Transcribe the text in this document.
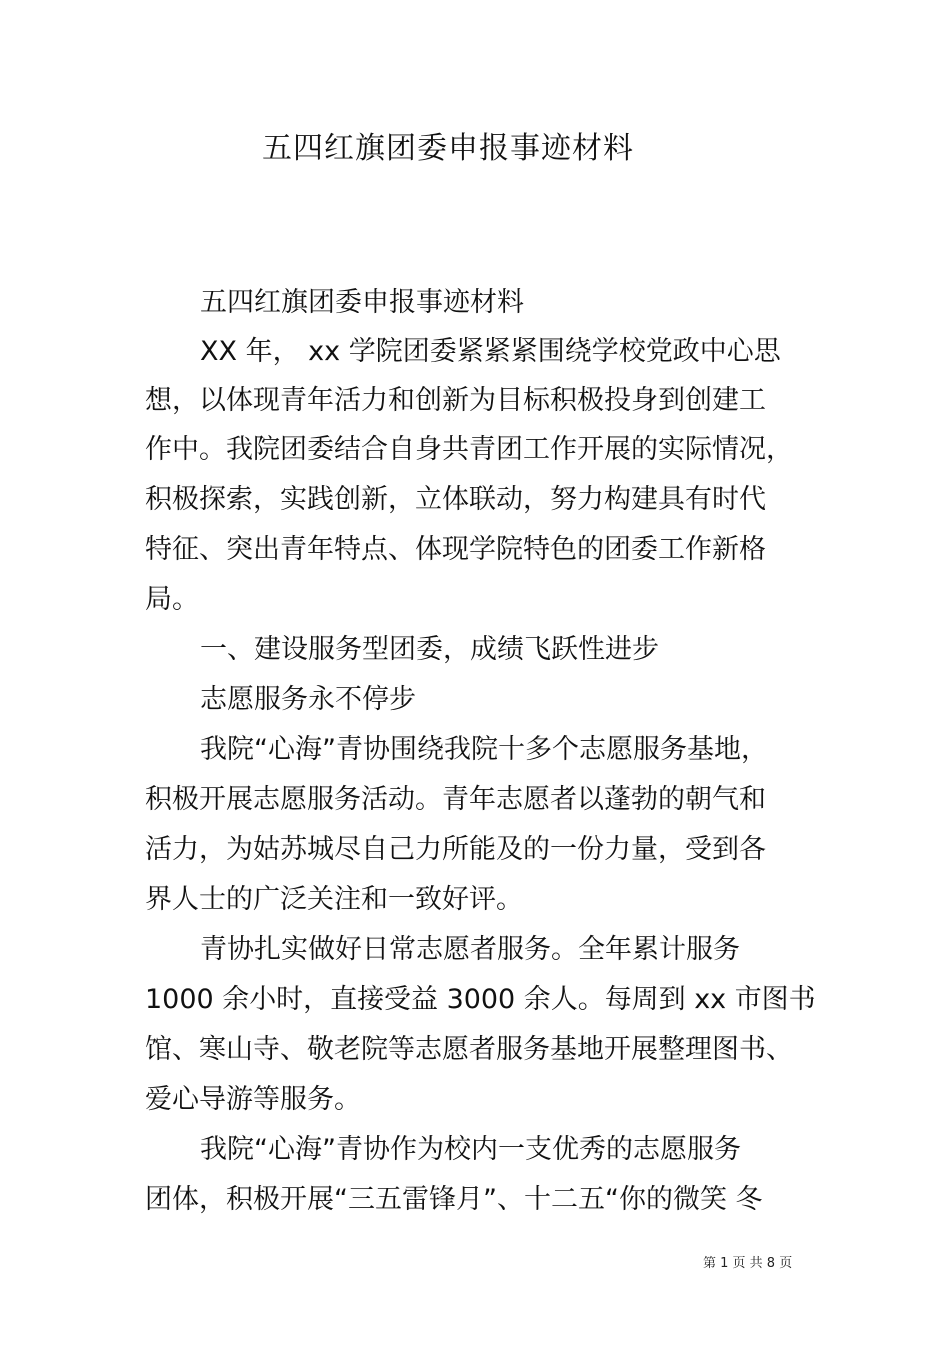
五四红旗团委申报事迹材料
五四红旗团委申报事迹材料
XX 年， xx 学院团委紧紧紧围绕学校党政中心思
想，以体现青年活力和创新为目标积极投身到创建工
作中。我院团委结合自身共青团工作开展的实际情况，
积极探索，实践创新，立体联动，努力构建具有时代
特征、突出青年特点、体现学院特色的团委工作新格
局。
一、建设服务型团委，成绩飞跃性进步
志愿服务永不停步
我院“心海”青协围绕我院十多个志愿服务基地，
积极开展志愿服务活动。青年志愿者以蓬勃的朝气和
活力，为姑苏城尽自己力所能及的一份力量，受到各
界人士的广泛关注和一致好评。
青协扎实做好日常志愿者服务。全年累计服务
1000 余小时，直接受益 3000 余人。每周到 xx 市图书
馆、寒山寺、敬老院等志愿者服务基地开展整理图书、
爱心导游等服务。
我院“心海”青协作为校内一支优秀的志愿服务
团体，积极开展“三五雷锋月”、十二五“你的微笑 冬
第 1 页 共 8 页
